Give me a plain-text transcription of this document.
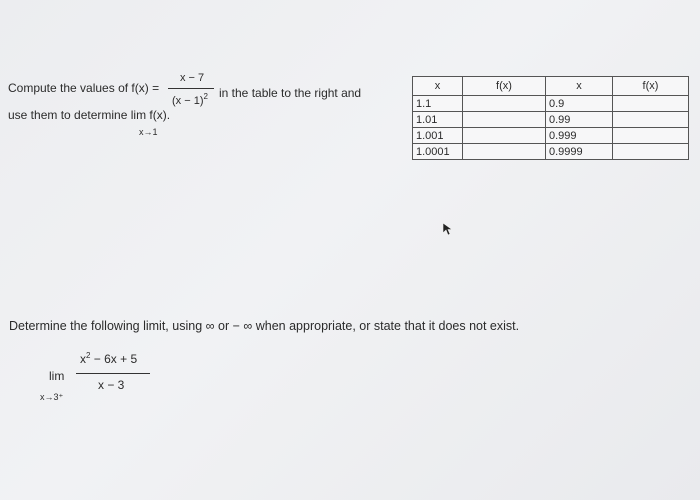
Compute the values of f(x) =
x − 7
$(x - 1)^2$ in the table to the right and
use them to determine lim f(x).
x→1
x	f(x)	x	f(x)
1.1		0.9	
1.01		0.99	
1.001		0.999	
1.0001		0.9999	
Determine the following limit, using ∞ or − ∞ when appropriate, or state that it does not exist.
lim
x→3⁺
$x^2 - 6x + 5$
x − 3
